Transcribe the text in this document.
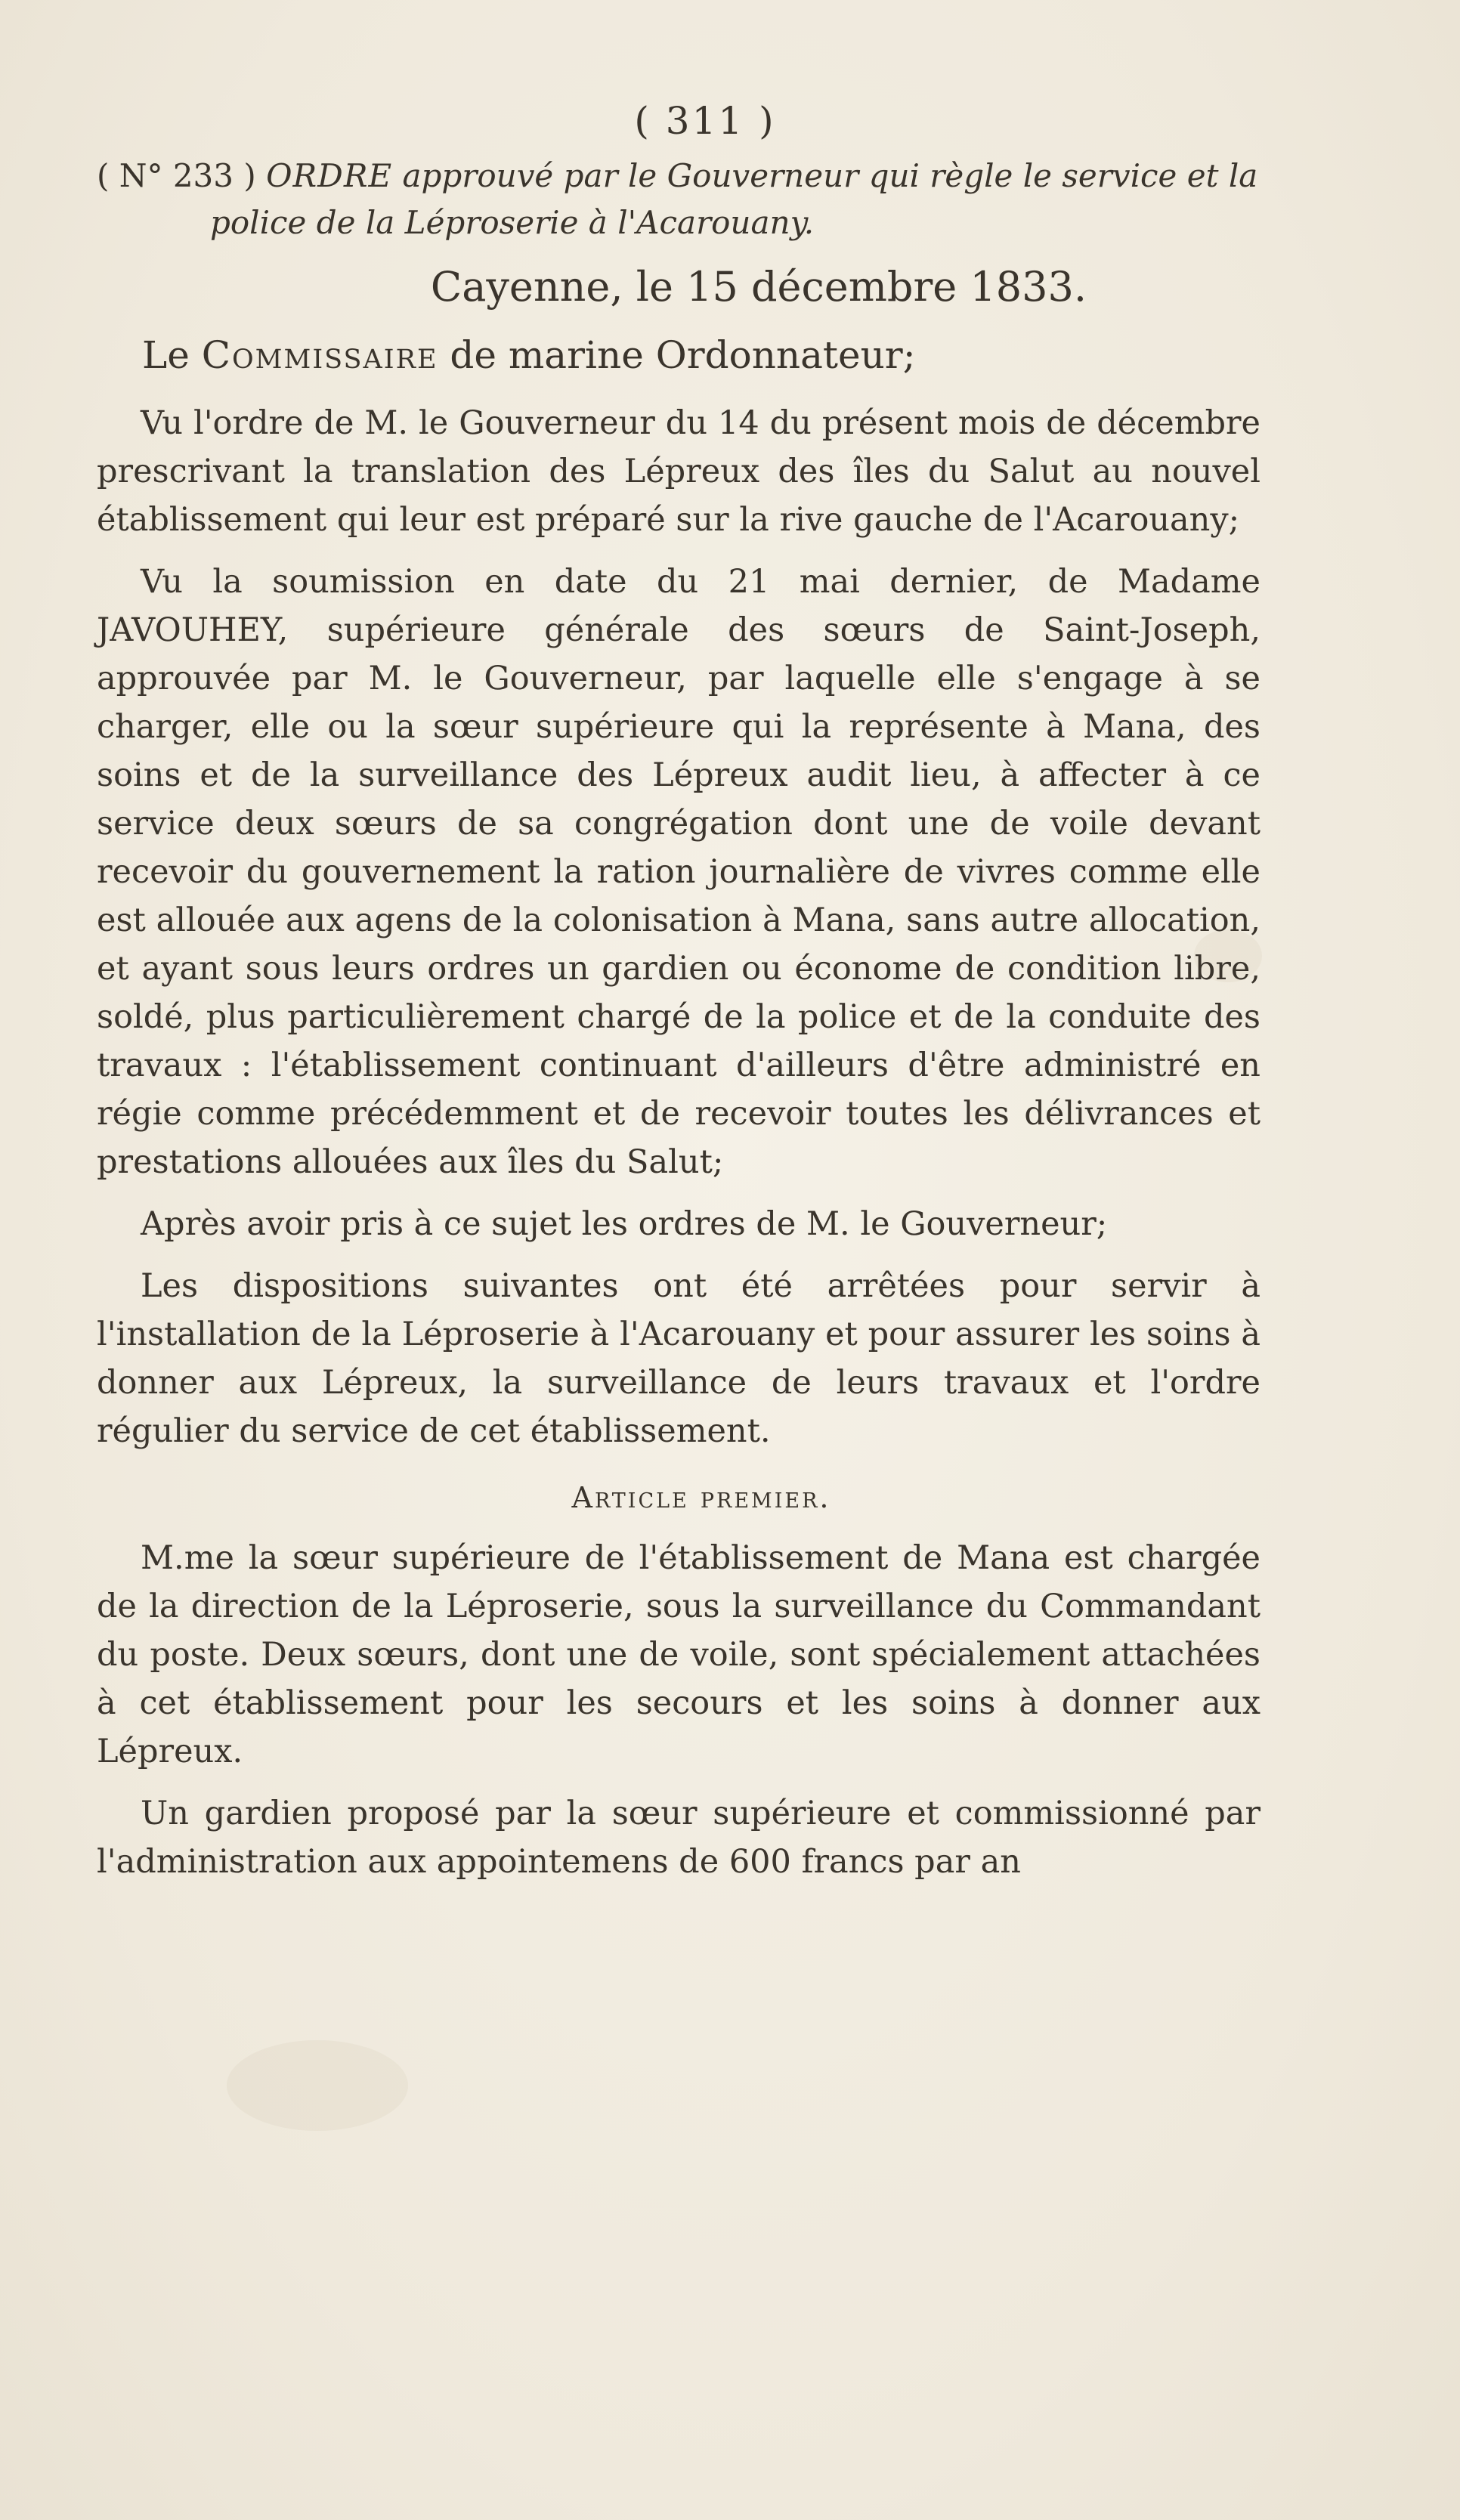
( 311 )
( N° 233 ) ORDRE approuvé par le Gouverneur qui règle le service et la police de la Léproserie à l'Acarouany.
Cayenne, le 15 décembre 1833.
Le Commissaire de marine Ordonnateur;

Vu l'ordre de M. le Gouverneur du 14 du présent mois de décembre prescrivant la translation des Lépreux des îles du Salut au nouvel établissement qui leur est préparé sur la rive gauche de l'Acarouany;

Vu la soumission en date du 21 mai dernier, de Madame JAVOUHEY, supérieure générale des sœurs de Saint-Joseph, approuvée par M. le Gouverneur, par laquelle elle s'engage à se charger, elle ou la sœur supérieure qui la représente à Mana, des soins et de la surveillance des Lépreux audit lieu, à affecter à ce service deux sœurs de sa congrégation dont une de voile devant recevoir du gouvernement la ration journalière de vivres comme elle est allouée aux agens de la colonisation à Mana, sans autre allocation, et ayant sous leurs ordres un gardien ou économe de condition libre, soldé, plus particulièrement chargé de la police et de la conduite des travaux : l'établissement continuant d'ailleurs d'être administré en régie comme précédemment et de recevoir toutes les délivrances et prestations allouées aux îles du Salut;

Après avoir pris à ce sujet les ordres de M. le Gouverneur;

Les dispositions suivantes ont été arrêtées pour servir à l'installation de la Léproserie à l'Acarouany et pour assurer les soins à donner aux Lépreux, la surveillance de leurs travaux et l'ordre régulier du service de cet établissement.

Article premier.

M.me la sœur supérieure de l'établissement de Mana est chargée de la direction de la Léproserie, sous la surveillance du Commandant du poste. Deux sœurs, dont une de voile, sont spécialement attachées à cet établissement pour les secours et les soins à donner aux Lépreux.

Un gardien proposé par la sœur supérieure et commissionné par l'administration aux appointemens de 600 francs par an
